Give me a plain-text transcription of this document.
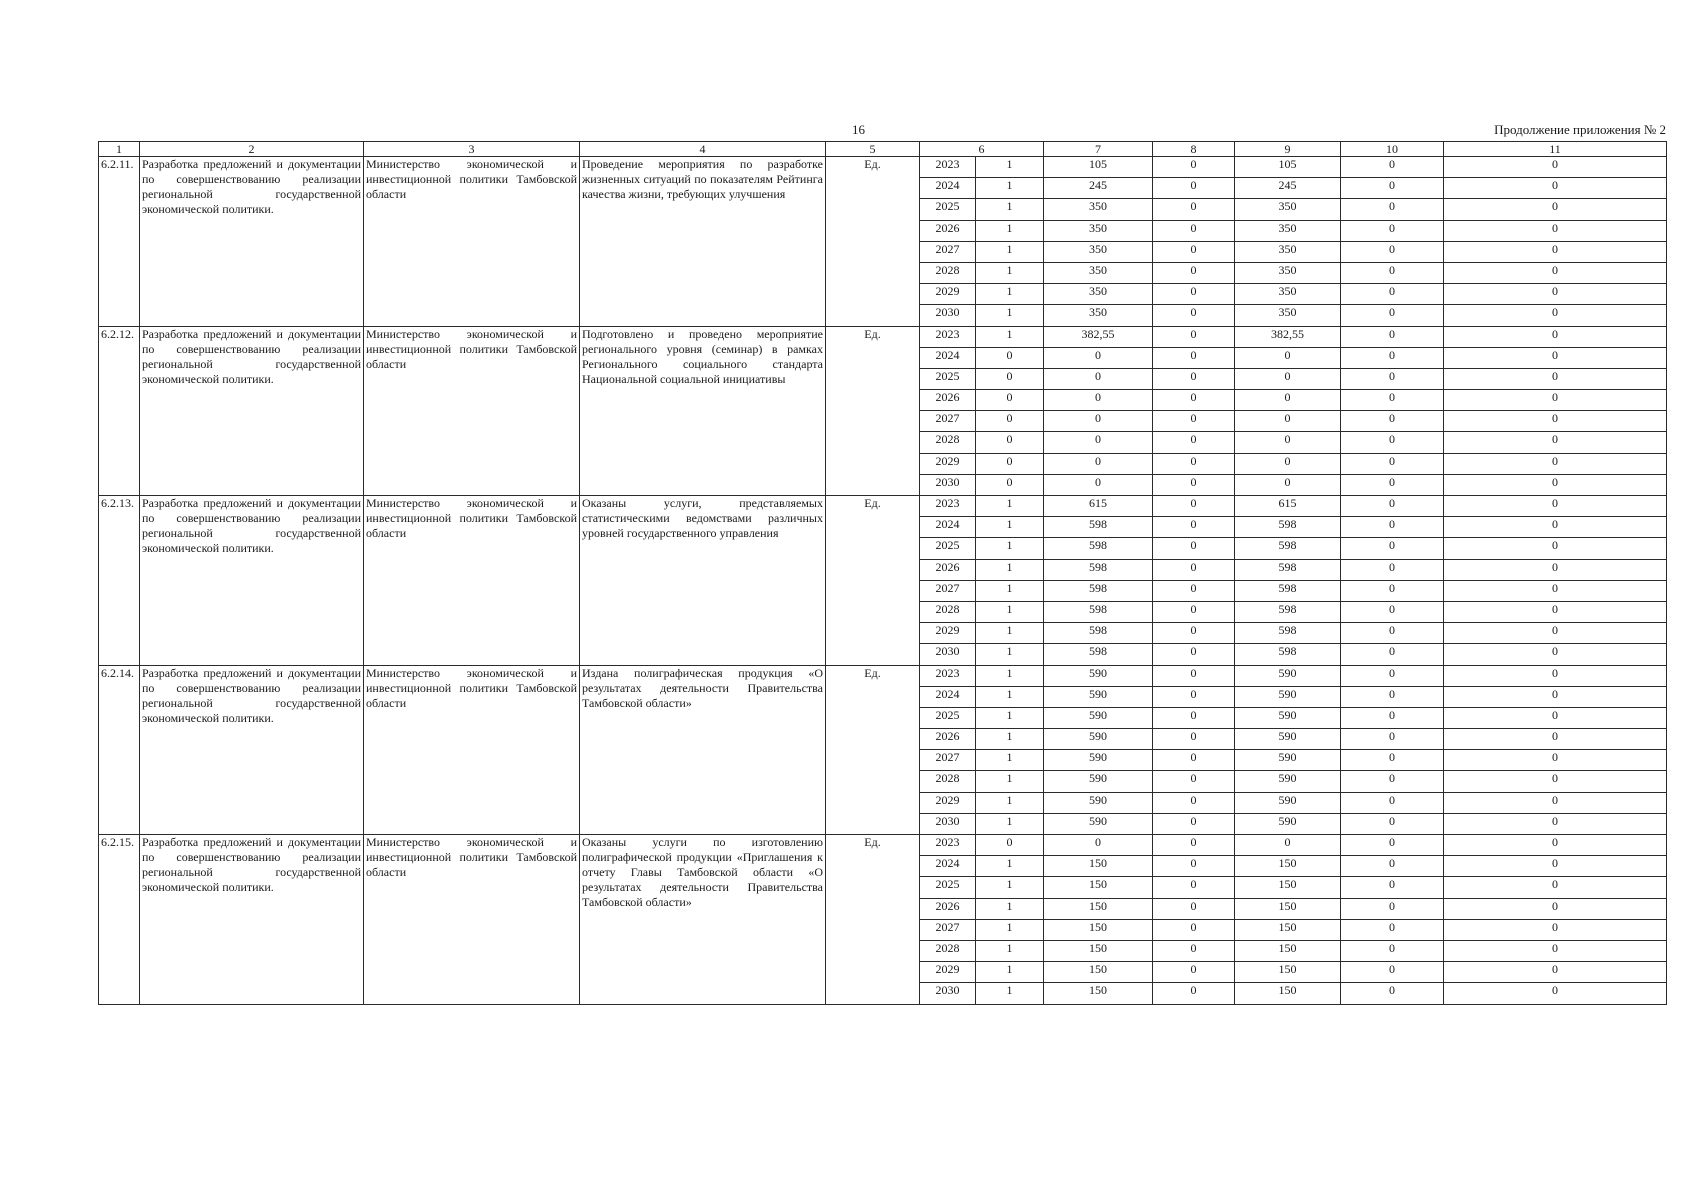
16	Продолжение приложения № 2
1	2	3	4	5	6		7	8	9	10	11
6.2.11.	Разработка предложений и документации по совершенствованию реализации региональной государственной экономической политики.	Министерство экономической и инвестиционной политики Тамбовской области	Проведение мероприятия по разработке жизненных ситуаций по показателям Рейтинга качества жизни, требующих улучшения	Ед.	2023	1	105	0	105	0	0
					2024	1	245	0	245	0	0
					2025	1	350	0	350	0	0
					2026	1	350	0	350	0	0
					2027	1	350	0	350	0	0
					2028	1	350	0	350	0	0
					2029	1	350	0	350	0	0
					2030	1	350	0	350	0	0
6.2.12.	Разработка предложений и документации по совершенствованию реализации региональной государственной экономической политики.	Министерство экономической и инвестиционной политики Тамбовской области	Подготовлено и проведено мероприятие регионального уровня (семинар) в рамках Регионального социального стандарта Национальной социальной инициативы	Ед.	2023	1	382,55	0	382,55	0	0
					2024	0	0	0	0	0	0
					2025	0	0	0	0	0	0
					2026	0	0	0	0	0	0
					2027	0	0	0	0	0	0
					2028	0	0	0	0	0	0
					2029	0	0	0	0	0	0
					2030	0	0	0	0	0	0
6.2.13.	Разработка предложений и документации по совершенствованию реализации региональной государственной экономической политики.	Министерство экономической и инвестиционной политики Тамбовской области	Оказаны услуги, представляемых статистическими ведомствами различных уровней государственного управления	Ед.	2023	1	615	0	615	0	0
					2024	1	598	0	598	0	0
					2025	1	598	0	598	0	0
					2026	1	598	0	598	0	0
					2027	1	598	0	598	0	0
					2028	1	598	0	598	0	0
					2029	1	598	0	598	0	0
					2030	1	598	0	598	0	0
6.2.14.	Разработка предложений и документации по совершенствованию реализации региональной государственной экономической политики.	Министерство экономической и инвестиционной политики Тамбовской области	Издана полиграфическая продукция «О результатах деятельности Правительства Тамбовской области»	Ед.	2023	1	590	0	590	0	0
					2024	1	590	0	590	0	0
					2025	1	590	0	590	0	0
					2026	1	590	0	590	0	0
					2027	1	590	0	590	0	0
					2028	1	590	0	590	0	0
					2029	1	590	0	590	0	0
					2030	1	590	0	590	0	0
6.2.15.	Разработка предложений и документации по совершенствованию реализации региональной государственной экономической политики.	Министерство экономической и инвестиционной политики Тамбовской области	Оказаны услуги по изготовлению полиграфической продукции «Приглашения к отчету Главы Тамбовской области «О результатах деятельности Правительства Тамбовской области»	Ед.	2023	0	0	0	0	0	0
					2024	1	150	0	150	0	0
					2025	1	150	0	150	0	0
					2026	1	150	0	150	0	0
					2027	1	150	0	150	0	0
					2028	1	150	0	150	0	0
					2029	1	150	0	150	0	0
					2030	1	150	0	150	0	0
